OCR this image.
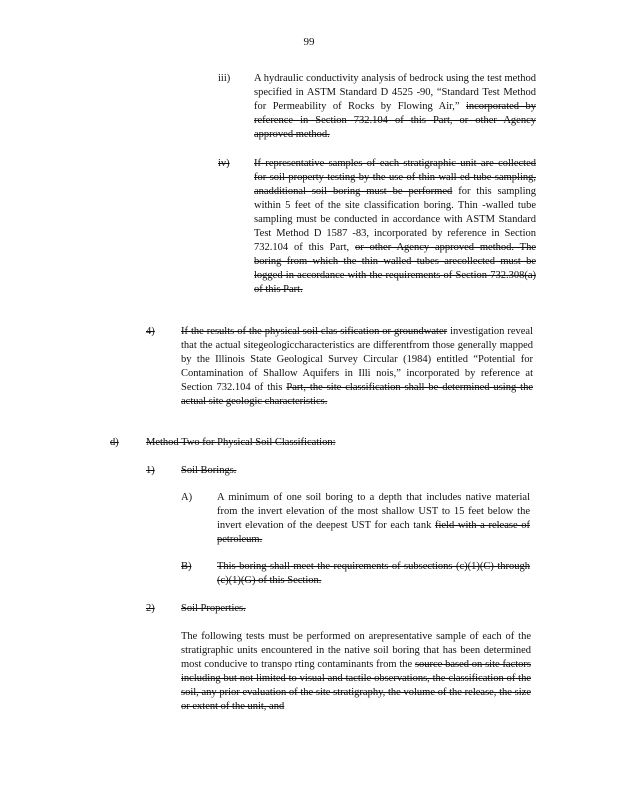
99
iii) A hydraulic conductivity analysis of bedrock using the test method specified in ASTM Standard D 4525 -90, “Standard Test Method for Permeability of Rocks by Flowing Air,” incorporated by reference in Section 732.104 of this Part, or other Agency approved method.
iv) If representative samples of each stratigraphic unit are collected for soil property testing by the use of thin wall ed tube sampling, anadditional soil boring must be performed for this sampling within 5 feet of the site classification boring. Thin -walled tube sampling must be conducted in accordance with ASTM Standard Test Method D 1587 -83, incorporated by reference in Section 732.104 of this Part, or other Agency approved method. The boring from which the thin walled tubes arecollected must be logged in accordance with the requirements of Section 732.308(a) of this Part.
4)	If the results of the physical soil clas sification or groundwater investigation reveal that the actual sitegeologiccharacteristics are differentfrom those generally mapped by the Illinois State Geological Survey Circular (1984) entitled “Potential for Contamination of Shallow Aquifers in Illi nois,” incorporated by reference at Section 732.104 of this Part, the site classification shall be determined using the actual site geologic characteristics.
d)	Method Two for Physical Soil Classification:
1)	Soil Borings.
A) A minimum of one soil boring to a depth that includes native material from the invert elevation of the most shallow UST to 15 feet below the invert elevation of the deepest UST for each tank field with a release of petroleum.
B) This boring shall meet the requirements of subsections (c)(1)(C) through (c)(1)(G) of this Section.
2)	Soil Properties.
The following tests must be performed on arepresentative sample of each of the stratigraphic units encountered in the native soil boring that has been determined most conducive to transpo rting contaminants from the source based on site factors including but not limited to visual and tactile observations, the classification of the soil, any prior evaluation of the site stratigraphy, the volume of the release, the size or extent of the unit, and
